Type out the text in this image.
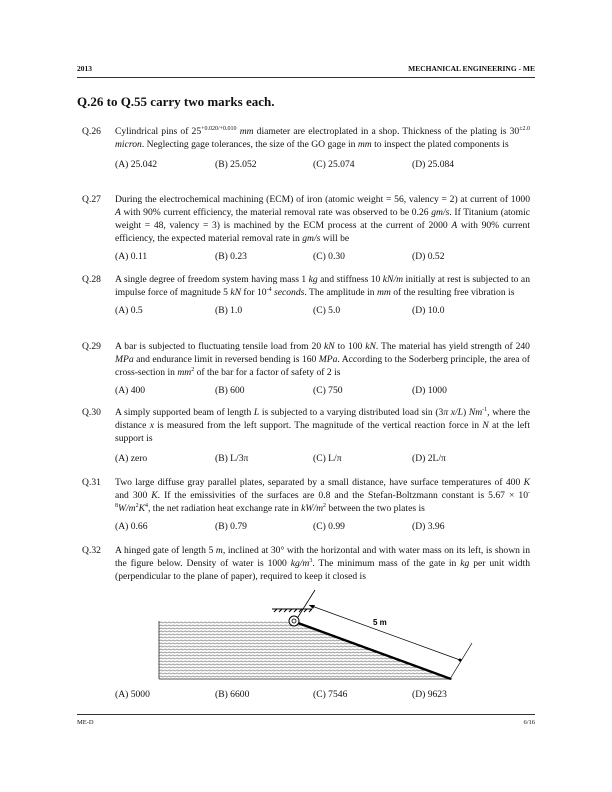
2013	MECHANICAL ENGINEERING - ME
Q.26 to Q.55 carry two marks each.
Q.26 Cylindrical pins of $25^{+0.020/+0.010}$ mm diameter are electroplated in a shop. Thickness of the plating is $30^{\pm 2.0}$ micron. Neglecting gage tolerances, the size of the GO gage in mm to inspect the plated components is
(A) 25.042	(B) 25.052	(C) 25.074	(D) 25.084
Q.27 During the electrochemical machining (ECM) of iron (atomic weight = 56, valency = 2) at current of 1000 A with 90% current efficiency, the material removal rate was observed to be 0.26 gm/s. If Titanium (atomic weight = 48, valency = 3) is machined by the ECM process at the current of 2000 A with 90% current efficiency, the expected material removal rate in gm/s will be
(A) 0.11	(B) 0.23	(C) 0.30	(D) 0.52
Q.28 A single degree of freedom system having mass 1 kg and stiffness 10 kN/m initially at rest is subjected to an impulse force of magnitude 5 kN for $10^{-4}$ seconds. The amplitude in mm of the resulting free vibration is
(A) 0.5	(B) 1.0	(C) 5.0	(D) 10.0
Q.29 A bar is subjected to fluctuating tensile load from 20 kN to 100 kN. The material has yield strength of 240 MPa and endurance limit in reversed bending is 160 MPa. According to the Soderberg principle, the area of cross-section in $mm^2$ of the bar for a factor of safety of 2 is
(A) 400	(B) 600	(C) 750	(D) 1000
Q.30 A simply supported beam of length L is subjected to a varying distributed load sin (3π x/L) $Nm^{-1}$, where the distance x is measured from the left support. The magnitude of the vertical reaction force in N at the left support is
(A) zero	(B) L/3π	(C) L/π	(D) 2L/π
Q.31 Two large diffuse gray parallel plates, separated by a small distance, have surface temperatures of 400 K and 300 K. If the emissivities of the surfaces are 0.8 and the Stefan-Boltzmann constant is $5.67 \times 10^{-8}W/m^2K^4$, the net radiation heat exchange rate in $kW/m^2$ between the two plates is
(A) 0.66	(B) 0.79	(C) 0.99	(D) 3.96
Q.32 A hinged gate of length 5 m, inclined at 30° with the horizontal and with water mass on its left, is shown in the figure below. Density of water is 1000 $kg/m^3$. The minimum mass of the gate in kg per unit width (perpendicular to the plane of paper), required to keep it closed is
(A) 5000	(B) 6600	(C) 7546	(D) 9623
5 m
ME-D	6/16
